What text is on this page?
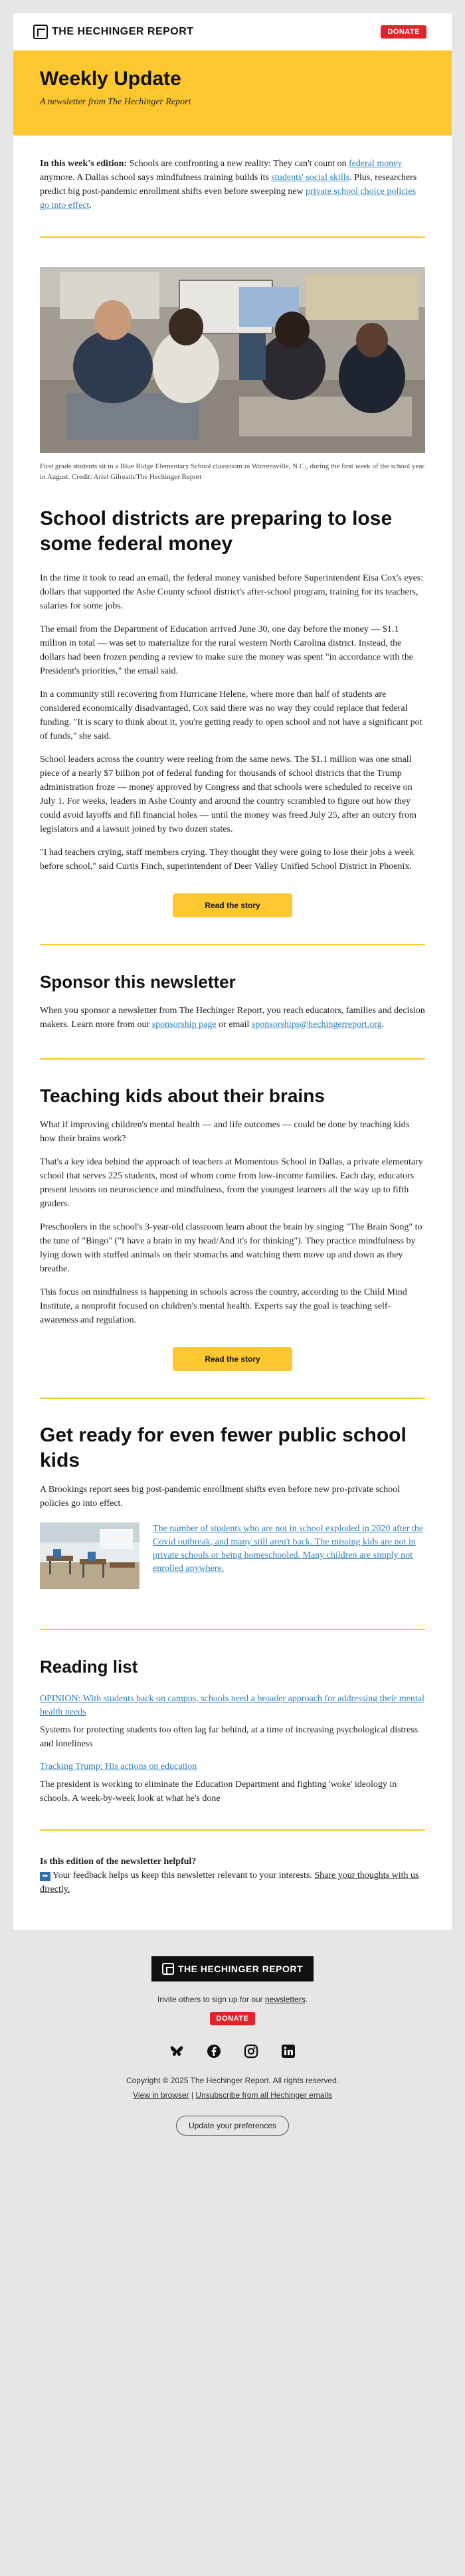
THE HECHINGER REPORT	DONATE
Weekly Update

A newsletter from The Hechinger Report

In this week's edition: Schools are confronting a new reality: They can't count on federal money anymore. A Dallas school says mindfulness training builds its students' social skills. Plus, researchers predict big post-pandemic enrollment shifts even before sweeping new private school choice policies go into effect.

First grade students sit in a Blue Ridge Elementary School classroom in Warrensville, N.C., during the first week of the school year in August. Credit: Ariel Gilreath/The Hechinger Report

School districts are preparing to lose some federal money

In the time it took to read an email, the federal money vanished before Superintendent Eisa Cox's eyes: dollars that supported the Ashe County school district's after-school program, training for its teachers, salaries for some jobs.

The email from the Department of Education arrived June 30, one day before the money — $1.1 million in total — was set to materialize for the rural western North Carolina district. Instead, the dollars had been frozen pending a review to make sure the money was spent "in accordance with the President's priorities," the email said.

In a community still recovering from Hurricane Helene, where more than half of students are considered economically disadvantaged, Cox said there was no way they could replace that federal funding. "It is scary to think about it, you're getting ready to open school and not have a significant pot of funds," she said.

School leaders across the country were reeling from the same news. The $1.1 million was one small piece of a nearly $7 billion pot of federal funding for thousands of school districts that the Trump administration froze — money approved by Congress and that schools were scheduled to receive on July 1. For weeks, leaders in Ashe County and around the country scrambled to figure out how they could avoid layoffs and fill financial holes — until the money was freed July 25, after an outcry from legislators and a lawsuit joined by two dozen states.

"I had teachers crying, staff members crying. They thought they were going to lose their jobs a week before school," said Curtis Finch, superintendent of Deer Valley Unified School District in Phoenix.

Read the story
Sponsor this newsletter

When you sponsor a newsletter from The Hechinger Report, you reach educators, families and decision makers. Learn more from our sponsorship page or email sponsorships@hechingerreport.org.

Teaching kids about their brains

What if improving children's mental health — and life outcomes — could be done by teaching kids how their brains work?

That's a key idea behind the approach of teachers at Momentous School in Dallas, a private elementary school that serves 225 students, most of whom come from low-income families. Each day, educators present lessons on neuroscience and mindfulness, from the youngest learners all the way up to fifth graders.

Preschoolers in the school's 3-year-old classroom learn about the brain by singing "The Brain Song" to the tune of "Bingo" ("I have a brain in my head/And it's for thinking"). They practice mindfulness by lying down with stuffed animals on their stomachs and watching them move up and down as they breathe.

This focus on mindfulness is happening in schools across the country, according to the Child Mind Institute, a nonprofit focused on children's mental health. Experts say the goal is teaching self-awareness and regulation.

Read the story
Get ready for even fewer public school kids

A Brookings report sees big post-pandemic enrollment shifts even before new pro-private school policies go into effect.

The number of students who are not in school exploded in 2020 after the Covid outbreak, and many still aren't back. The missing kids are not in private schools or being homeschooled. Many children are simply not enrolled anywhere.
Reading list
OPINION: With students back on campus, schools need a broader approach for addressing their mental health needs

Systems for protecting students too often lag far behind, at a time of increasing psychological distress and loneliness

Tracking Trump: His actions on education

The president is working to eliminate the Education Department and fighting 'woke' ideology in schools. A week-by-week look at what he's done

Is this edition of the newsletter helpful?

➡ Your feedback helps us keep this newsletter relevant to your interests. Share your thoughts with us directly.

THE HECHINGER REPORT

Invite others to sign up for our newsletters.

DONATE

Copyright © 2025 The Hechinger Report. All rights reserved.

View in browser | Unsubscribe from all Hechinger emails

Update your preferences
